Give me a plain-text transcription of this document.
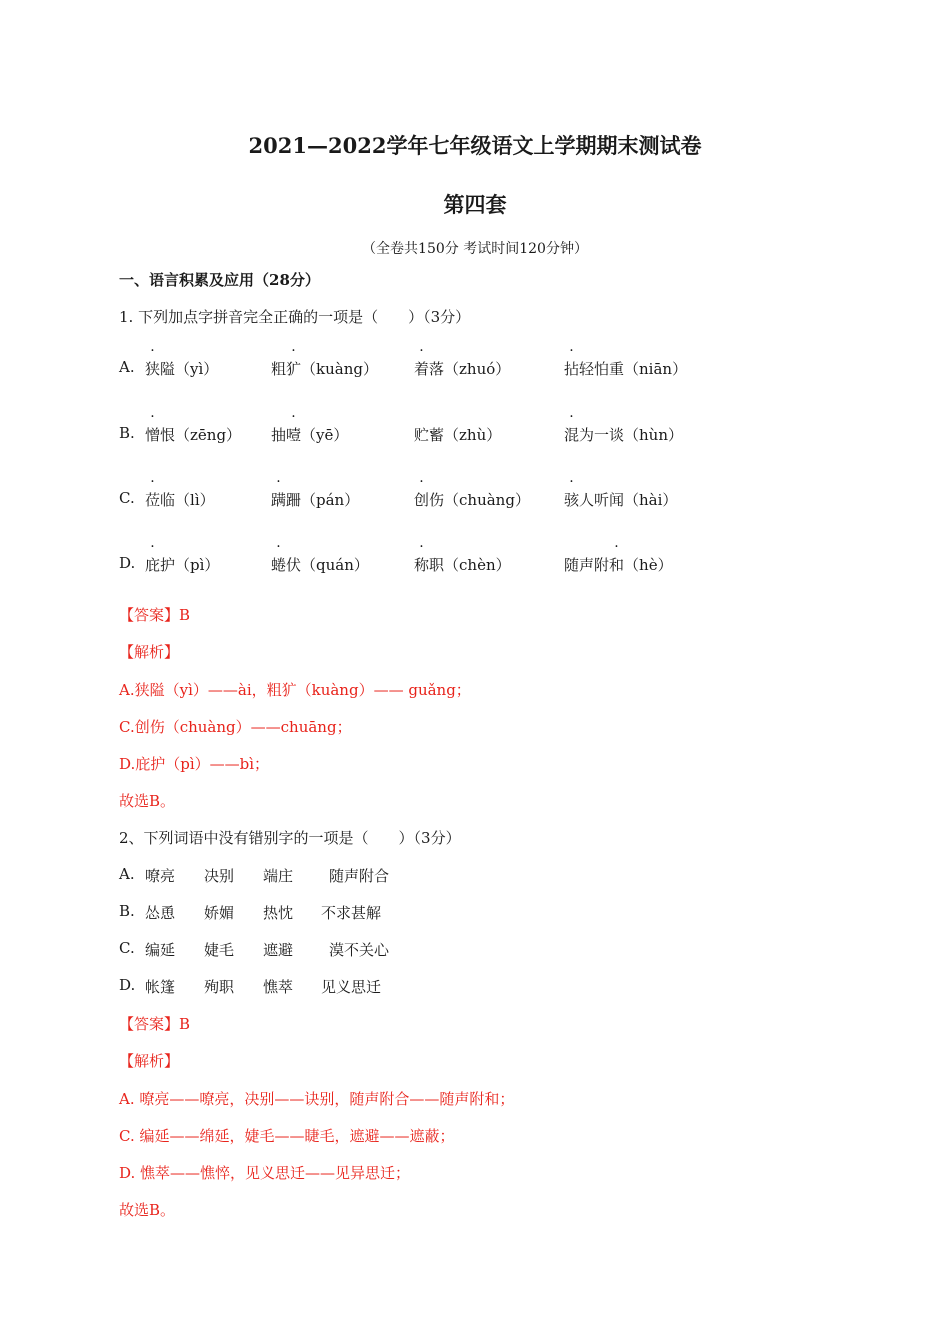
2021—2022学年七年级语文上学期期末测试卷
第四套
（全卷共150分 考试时间120分钟）
一、语言积累及应用（28分）
1. 下列加点字拼音完全正确的一项是（　　）（3分）
A. 狭隘（yì）	粗犷（kuàng） 着落（zhuó）	拈轻怕重（niān）
B. 憎恨（zēng） 抽噎（yē）	贮蓄（zhù）	混为一谈（hùn）
C. 莅临（lì）	蹒跚（pán）	创伤（chuàng） 骇人听闻（hài）
D. 庇护（pì）	蜷伏（quán）	称职（chèn）	随声附和（hè）
【答案】B
【解析】
A.狭隘（yì）——ài，粗犷（kuàng）—— guǎng；
C.创伤（chuàng）——chuāng；
D.庇护（pì）——bì；
故选B。
2、下列词语中没有错别字的一项是（　　）（3分）
A. 嘹亮 决别 端庄 随声附合
B. 怂恿 娇媚 热忱 不求甚解
C. 编延 婕毛 遮避 漠不关心
D. 帐篷 殉职 憔萃 见义思迁
【答案】B
【解析】
A. 嘹亮——嘹亮，决别——诀别，随声附合——随声附和；
C. 编延——绵延，婕毛——睫毛，遮避——遮蔽；
D. 憔萃——憔悴，见义思迁——见异思迁；
故选B。
